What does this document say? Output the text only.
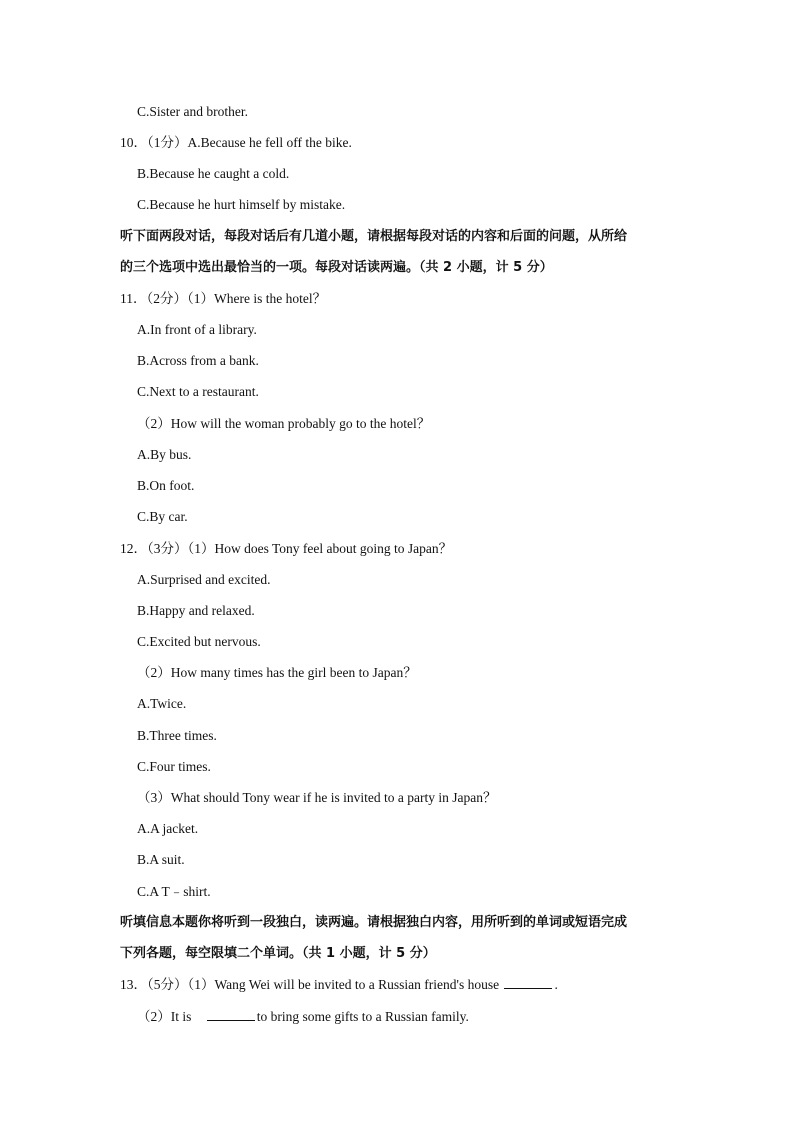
C.Sister and brother.
10．（1分）A.Because he fell off the bike.
B.Because he caught a cold.
C.Because he hurt himself by mistake.
听下面两段对话，每段对话后有几道小题，请根据每段对话的内容和后面的问题，从所给
的三个选项中选出最恰当的一项。每段对话读两遍。（共 2 小题，计 5 分）
11．（2分）（1）Where is the hotel？
A.In front of a library.
B.Across from a bank.
C.Next to a restaurant.
（2）How will the woman probably go to the hotel？
A.By bus.
B.On foot.
C.By car.
12．（3分）（1）How does Tony feel about going to Japan？
A.Surprised and excited.
B.Happy and relaxed.
C.Excited but nervous.
（2）How many times has the girl been to Japan？
A.Twice.
B.Three times.
C.Four times.
（3）What should Tony wear if he is invited to a party in Japan？
A.A jacket.
B.A suit.
C.A T﹣shirt.
听填信息本题你将听到一段独白，读两遍。请根据独白内容，用所听到的单词或短语完成
下列各题，每空限填二个单词。（共 1 小题，计 5 分）
13．（5分）（1）Wang Wei will be invited to a Russian friend's house	.
（2）It is	to bring some gifts to a Russian family.
